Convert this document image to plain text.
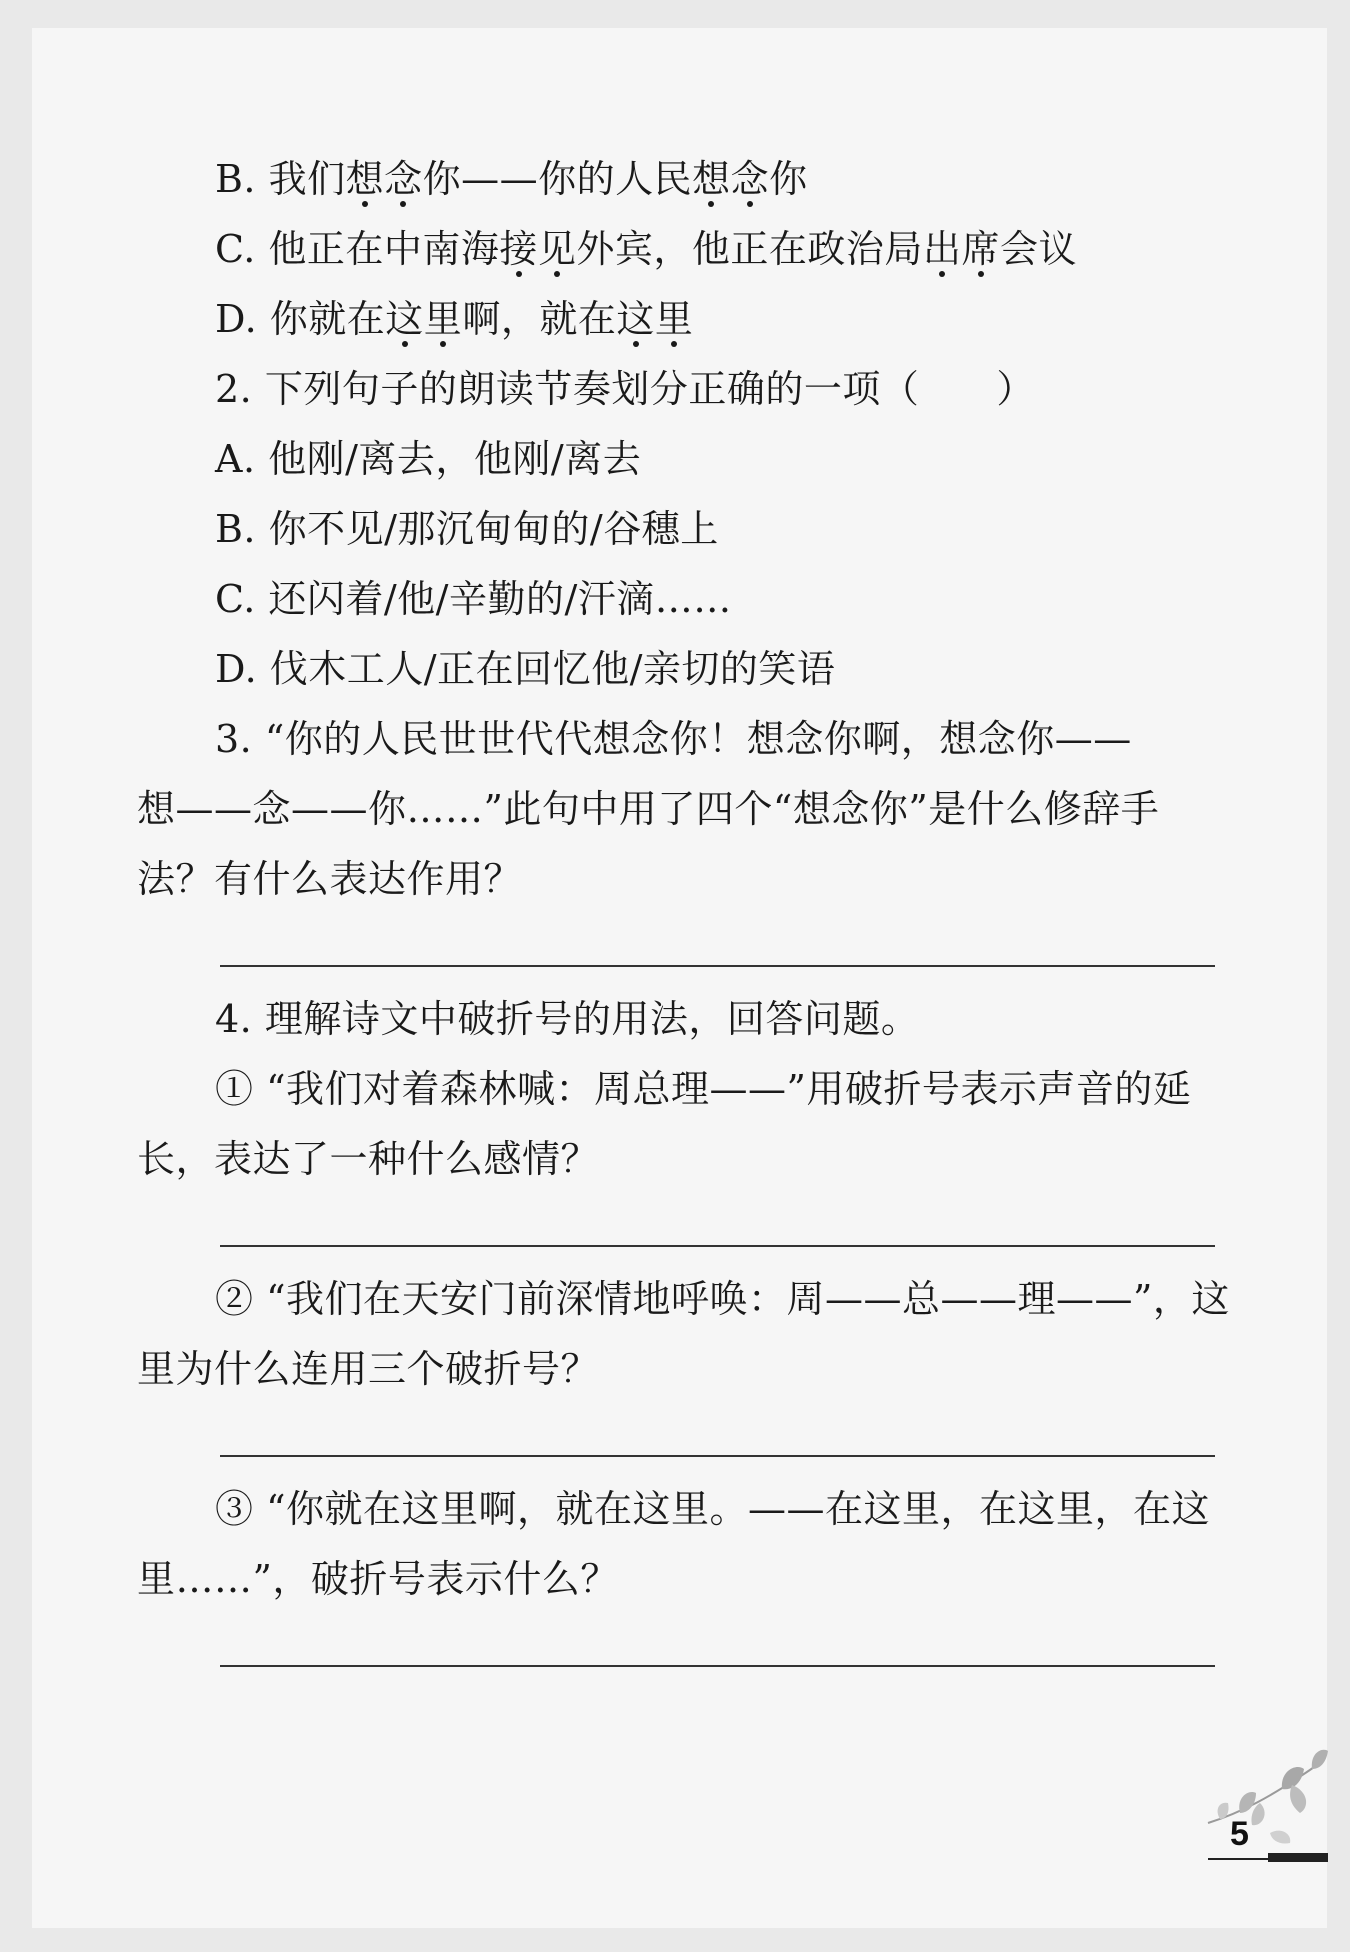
B. 我们想念你——你的人民想念你
C. 他正在中南海接见外宾，他正在政治局出席会议
D. 你就在这里啊，就在这里
2. 下列句子的朗读节奏划分正确的一项（　　）
A. 他刚/离去，他刚/离去
B. 你不见/那沉甸甸的/谷穗上
C. 还闪着/他/辛勤的/汗滴……
D. 伐木工人/正在回忆他/亲切的笑语
3. “你的人民世世代代想念你！想念你啊，想念你——
想——念——你……”此句中用了四个“想念你”是什么修辞手
法？有什么表达作用？
4. 理解诗文中破折号的用法，回答问题。
① “我们对着森林喊：周总理——”用破折号表示声音的延
长，表达了一种什么感情？
② “我们在天安门前深情地呼唤：周——总——理——”，这
里为什么连用三个破折号？
③ “你就在这里啊，就在这里。——在这里，在这里，在这
里……”，破折号表示什么？
5
